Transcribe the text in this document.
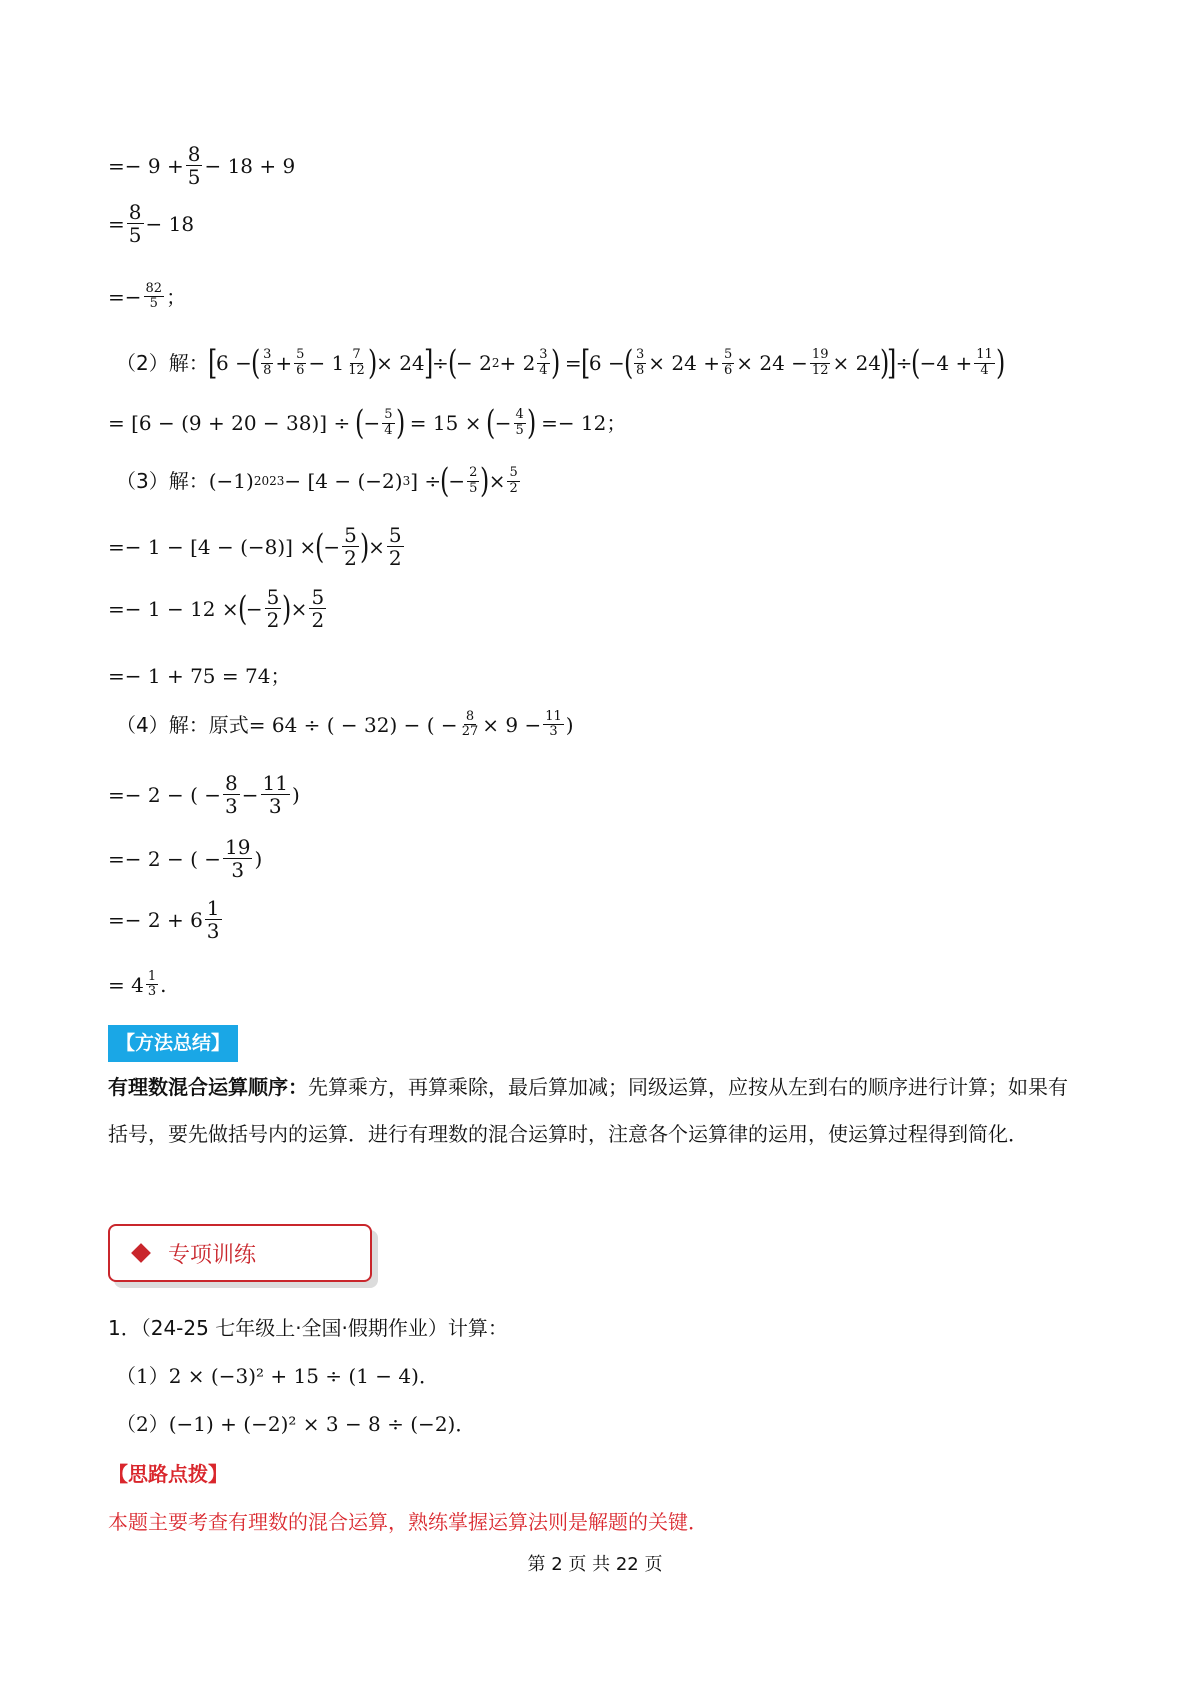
=− $9 + \frac{8}{5} - 18 + 9$
= $\frac{8}{5} - 18$
=− $\frac{82}{5}$ ；
（2）解：
[
6 −
( 3
8 + 5
6 − 1 7
12 )
× 24
]
÷
(
− 2 2 + 2 3
4 ) =
[
6 −
( 3
8 × 24 + 5
6 × 24 − 19
12 × 24
)
]
÷
(
−4 + 11
4 )
= [6 − (9 + 20 − 38)] ÷ (
− 5
4 ) = 15 × (
− 4
5 ) =− 12；
（3）解： (−1) 2023 − [4 − (−2) 3 ] ÷
(
− 2
5 )
× 5
2
=− 1 − [4 − (−8)] ×
(
− 5
2 )
× 5
2
=− 1 − 12 ×
(
− 5
2 )
× 5
2
=− 1 + 75 = 74；
（4）解：原式 = 64 ÷ ( − 32) − ( − $\frac{8}{27} \times 9 - 11$
3 )
=− 2 − ( − $\frac{8}{3} - 11$
3 )
=− 2 − ( − $\frac{19}{3}$ )
=− 2 + 6 1
3
= 4 1
3 .
【方法总结】
有理数混合运算顺序：先算乘方，再算乘除，最后算加减；同级运算，应按从左到右的顺序进行计算；如果有括号，要先做括号内的运算．进行有理数的混合运算时，注意各个运算律的运用，使运算过程得到简化．
专项训练
1．（24-25 七年级上·全国·假期作业）计算：
（1）2 × (−3)² + 15 ÷ (1 − 4)．
（2）(−1) + (−2)² × 3 − 8 ÷ (−2)．
【思路点拨】
本题主要考查有理数的混合运算，熟练掌握运算法则是解题的关键．
第 2 页 共 22 页
